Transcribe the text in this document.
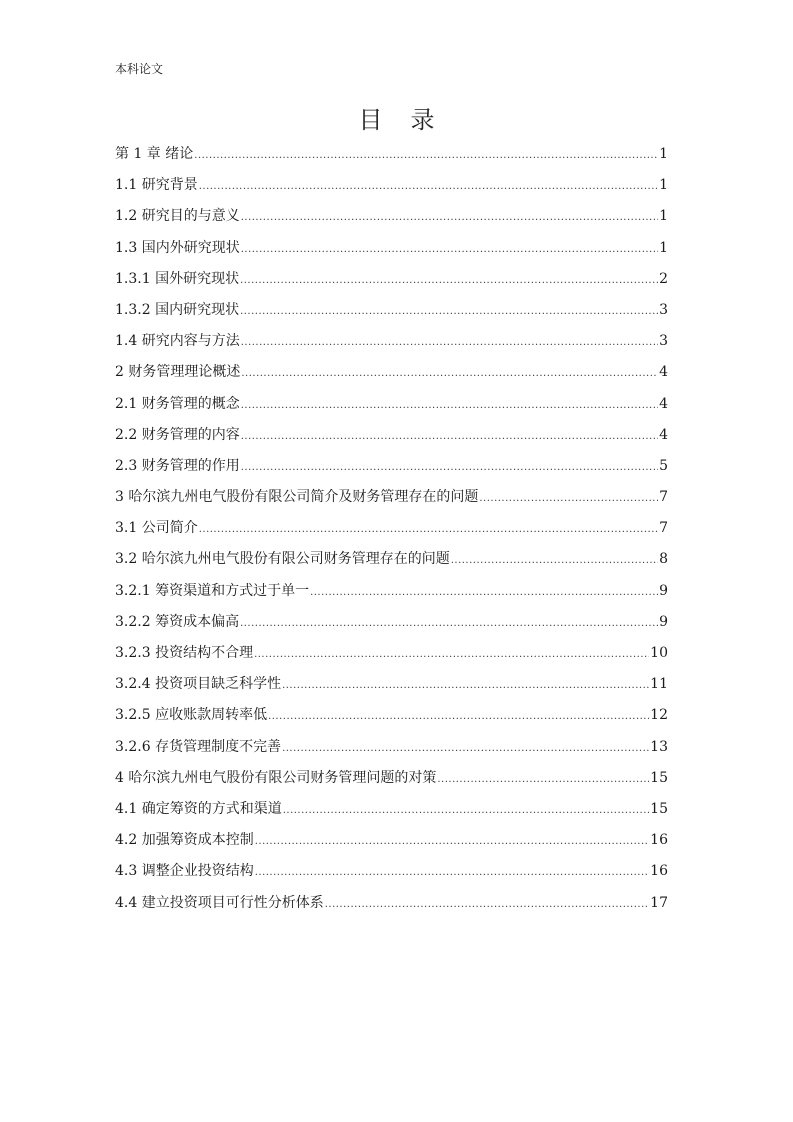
本科论文
目录
第 1 章 绪论 .....	1
1.1 研究背景 .....	1
1.2 研究目的与意义 .....	1
1.3 国内外研究现状 .....	1
1.3.1 国外研究现状 .....	2
1.3.2 国内研究现状 .....	3
1.4 研究内容与方法 .....	3
2 财务管理理论概述 .....	4
2.1 财务管理的概念 .....	4
2.2 财务管理的内容 .....	4
2.3 财务管理的作用 .....	5
3 哈尔滨九州电气股份有限公司简介及财务管理存在的问题 .....	7
3.1 公司简介 .....	7
3.2 哈尔滨九州电气股份有限公司财务管理存在的问题 .....	8
3.2.1 筹资渠道和方式过于单一 .....	9
3.2.2 筹资成本偏高 .....	9
3.2.3 投资结构不合理 .....	10
3.2.4 投资项目缺乏科学性 .....	11
3.2.5 应收账款周转率低 .....	12
3.2.6 存货管理制度不完善 .....	13
4 哈尔滨九州电气股份有限公司财务管理问题的对策 .....	15
4.1 确定筹资的方式和渠道 .....	15
4.2 加强筹资成本控制 .....	16
4.3 调整企业投资结构 .....	16
4.4 建立投资项目可行性分析体系 .....	17
